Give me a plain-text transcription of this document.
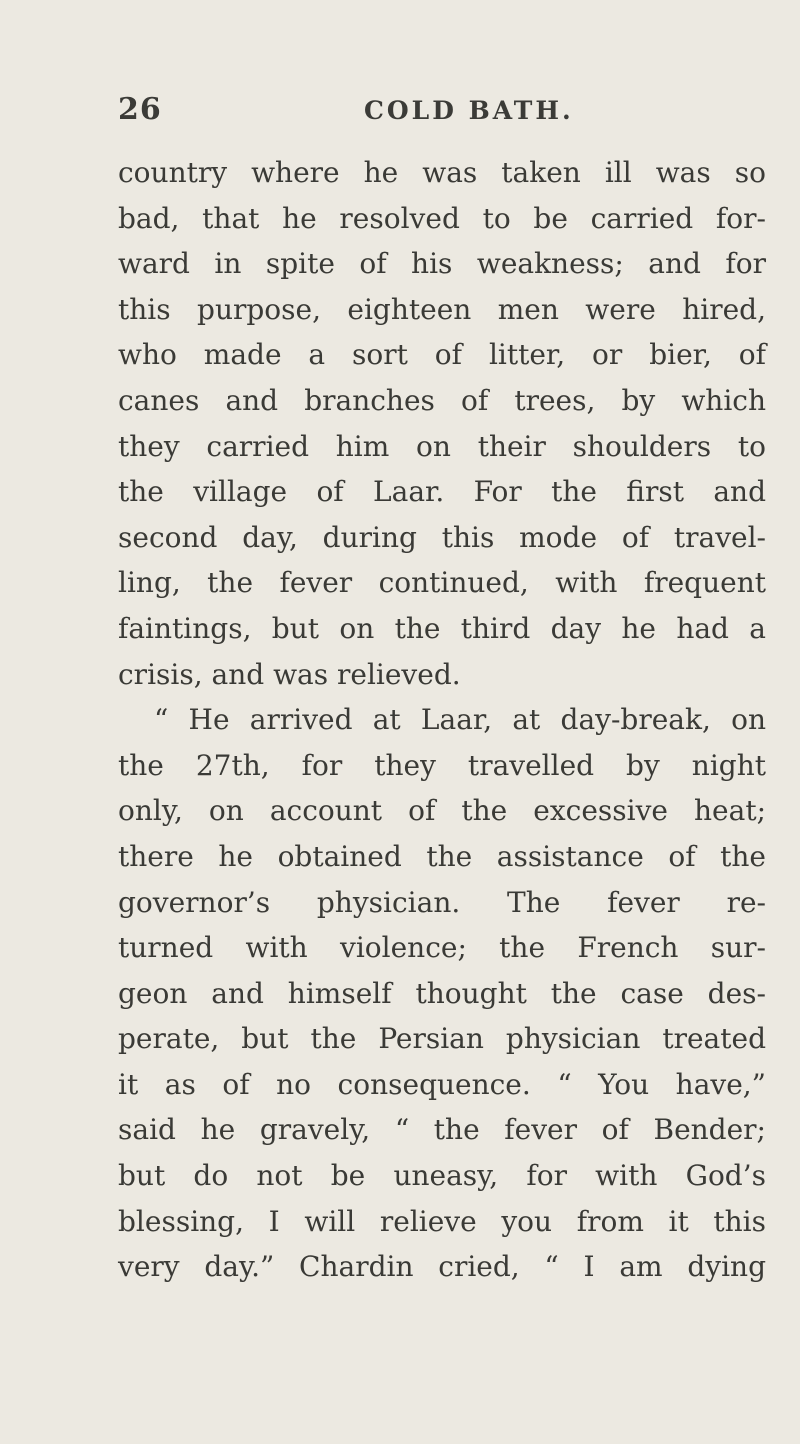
26	COLD BATH.
country where he was taken ill was so
bad, that he resolved to be carried for-
ward in spite of his weakness; and for
this purpose, eighteen men were hired,
who made a sort of litter, or bier, of
canes and branches of trees, by which
they carried him on their shoulders to
the village of Laar. For the first and
second day, during this mode of travel-
ling, the fever continued, with frequent
faintings, but on the third day he had a
crisis, and was relieved.
“ He arrived at Laar, at day-break, on
the 27th, for they travelled by night
only, on account of the excessive heat;
there he obtained the assistance of the
governor’s physician. The fever re-
turned with violence; the French sur-
geon and himself thought the case des-
perate, but the Persian physician treated
it as of no consequence. “ You have,”
said he gravely, “ the fever of Bender;
but do not be uneasy, for with God’s
blessing, I will relieve you from it this
very day.” Chardin cried, “ I am dying
